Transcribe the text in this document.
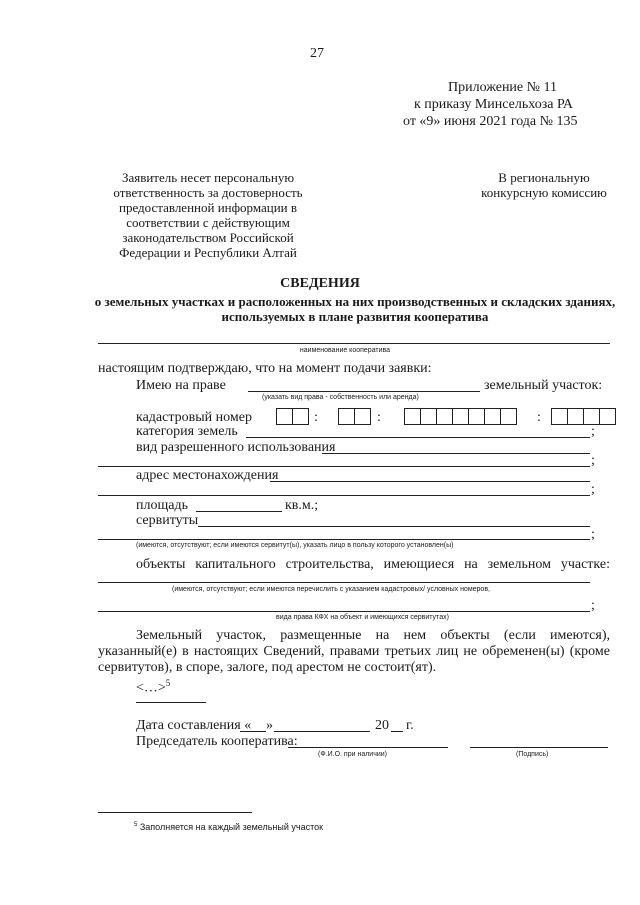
27
Приложение № 11
к приказу Минсельхоза РА
от «9» июня 2021 года № 135
Заявитель несет персональную
ответственность за достоверность
предоставленной информации в
соответствии с действующим
законодательством Российской
Федерации и Республики Алтай
В региональную
конкурсную комиссию
СВЕДЕНИЯ
о земельных участках и расположенных на них производственных и складских зданиях,
используемых в плане развития кооператива
наименование кооператива
настоящим подтверждаю, что на момент подачи заявки:
Имею на праве	земельный участок:
(указать вид права - собственность или аренда)
кадастровый номер	:	:	:
категория земель	;
вид разрешенного использования
;
адрес местонахождения
;
площадь	кв.м.;
сервитуты
;
(имеются, отсутствуют; если имеются сервитут(ы), указать лицо в пользу которого установлен(ы)
объекты капитального строительства, имеющиеся на земельном участке:
(имеются, отсутствуют; если имеются перечислить с указанием кадастровых/ условных номеров,
;
вида права КФХ на объект и имеющихся сервитутах)
Земельный участок, размещенные на нем объекты (если имеются), указанный(е) в настоящих Сведений, правами третьих лиц не обременен(ы) (кроме сервитутов), в споре, залоге, под арестом не состоит(ят).
<…>$^5$
Дата составления « »	20 г.
Председатель кооператива:
(Ф.И.О. при наличии)	(Подпись)
$^5$ Заполняется на каждый земельный участок
